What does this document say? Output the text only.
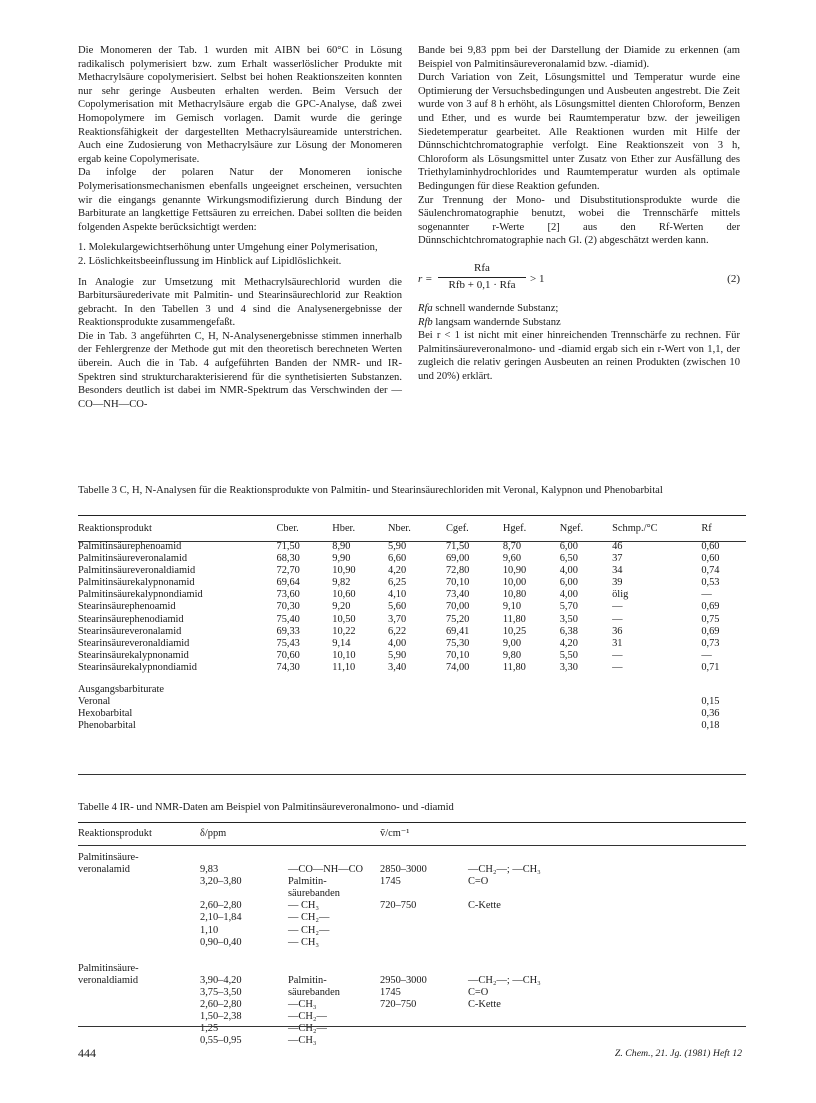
Die Monomeren der Tab. 1 wurden mit AIBN bei 60°C in Lösung radikalisch polymerisiert bzw. zum Erhalt wasserlöslicher Produkte mit Methacrylsäure copolymerisiert. Selbst bei hohen Reaktionszeiten konnten nur sehr geringe Ausbeuten erhalten werden. Beim Versuch der Copolymerisation mit Methacrylsäure ergab die GPC-Analyse, daß zwei Homopolymere im Gemisch vorlagen. Damit wurde die geringe Reaktionsfähigkeit der dargestellten Methacrylsäureamide unterstrichen. Auch eine Zudosierung von Methacrylsäure zur Lösung der Monomeren ergab keine Copolymerisate.

Da infolge der polaren Natur der Monomeren ionische Polymerisationsmechanismen ebenfalls ungeeignet erscheinen, versuchten wir die eingangs genannte Wirkungsmodifizierung durch Bindung der Barbiturate an langkettige Fettsäuren zu erreichen. Dabei sollten die beiden folgenden Aspekte berücksichtigt werden:

1. Molekulargewichtserhöhung unter Umgehung einer Polymerisation,

2. Löslichkeitsbeeinflussung im Hinblick auf Lipidlöslichkeit.

In Analogie zur Umsetzung mit Methacrylsäurechlorid wurden die Barbitursäurederivate mit Palmitin- und Stearinsäurechlorid zur Reaktion gebracht. In den Tabellen 3 und 4 sind die Analysenergebnisse der Reaktionsprodukte zusammengefaßt.

Die in Tab. 3 angeführten C, H, N-Analysenergebnisse stimmen innerhalb der Fehlergrenze der Methode gut mit den theoretisch berechneten Werten überein. Auch die in Tab. 4 aufgeführten Banden der NMR- und IR-Spektren sind strukturcharakterisierend für die synthetisierten Substanzen. Besonders deutlich ist dabei im NMR-Spektrum das Verschwinden der —CO—NH—CO-

Bande bei 9,83 ppm bei der Darstellung der Diamide zu erkennen (am Beispiel von Palmitinsäureveronalamid bzw. -diamid).

Durch Variation von Zeit, Lösungsmittel und Temperatur wurde eine Optimierung der Versuchsbedingungen und Ausbeuten angestrebt. Die Zeit wurde von 3 auf 8 h erhöht, als Lösungsmittel dienten Chloroform, Benzen und Ether, und es wurde bei Raumtemperatur bzw. der jeweiligen Siedetemperatur gearbeitet. Alle Reaktionen wurden mit Hilfe der Dünnschichtchromatographie verfolgt. Eine Reaktionszeit von 3 h, Chloroform als Lösungsmittel unter Zusatz von Ether zur Ausfällung des Triethylaminhydrochlorides und Raumtemperatur wurden als optimale Bedingungen für diese Reaktion gefunden.

Zur Trennung der Mono- und Disubstitutionsprodukte wurde die Säulenchromatographie benutzt, wobei die Trennschärfe mittels sogenannter r-Werte [2] aus den Rf-Werten der Dünnschichtchromatographie nach Gl. (2) abgeschätzt werden kann.

r =
Rfa
Rfb + 0,1 · Rfa	> 1	(2)

Rfa schnell wandernde Substanz;

Rfb langsam wandernde Substanz

Bei r < 1 ist nicht mit einer hinreichenden Trennschärfe zu rechnen. Für Palmitinsäureveronalmono- und -diamid ergab sich ein r-Wert von 1,1, der zugleich die relativ geringen Ausbeuten an reinen Produkten (zwischen 10 und 20%) erklärt.

Tabelle 3 C, H, N-Analysen für die Reaktionsprodukte von Palmitin- und Stearinsäurechloriden mit Veronal, Kalypnon und Phenobarbital
Reaktionsprodukt	Cber.	Hber.	Nber.	Cgef.	Hgef.	Ngef.	Schmp./°C	Rf
Palmitinsäurephenoamid	71,50	8,90	5,90	71,50	8,70	6,00	46	0,60
Palmitinsäureveronalamid	68,30	9,90	6,60	69,00	9,60	6,50	37	0,60
Palmitinsäureveronaldiamid	72,70	10,90	4,20	72,80	10,90	4,00	34	0,74
Palmitinsäurekalypnonamid	69,64	9,82	6,25	70,10	10,00	6,00	39	0,53
Palmitinsäurekalypnondiamid	73,60	10,60	4,10	73,40	10,80	4,00	ölig	—
Stearinsäurephenoamid	70,30	9,20	5,60	70,00	9,10	5,70	—	0,69
Stearinsäurephenodiamid	75,40	10,50	3,70	75,20	11,80	3,50	—	0,75
Stearinsäureveronalamid	69,33	10,22	6,22	69,41	10,25	6,38	36	0,69
Stearinsäureveronaldiamid	75,43	9,14	4,00	75,30	9,00	4,20	31	0,73
Stearinsäurekalypnonamid	70,60	10,10	5,90	70,10	9,80	5,50	—	—
Stearinsäurekalypnondiamid	74,30	11,10	3,40	74,00	11,80	3,30	—	0,71

Ausgangsbarbiturate								
Veronal								0,15
Hexobarbital								0,36
Phenobarbital								0,18
Tabelle 4 IR- und NMR-Daten am Beispiel von Palmitinsäureveronalmono- und -diamid
Reaktionsprodukt	δ/ppm		ṽ/cm⁻¹	
Palmitinsäure-				
veronalamid	9,83	—CO—NH—CO	2850–3000	—CH₂—; —CH₃
	3,20–3,80	Palmitin-	1745	C=O
		säurebanden		
	2,60–2,80	— CH₃	720–750	C-Kette
	2,10–1,84	— CH₂—		
	1,10	— CH₂—		
	0,90–0,40	— CH₃		

Palmitinsäure-				
veronaldiamid	3,90–4,20	Palmitin-	2950–3000	—CH₂—; —CH₃
	3,75–3,50	säurebanden	1745	C=O
	2,60–2,80	—CH₃	720–750	C-Kette
	1,50–2,38	—CH₂—		
	1,25	—CH₂—		
	0,55–0,95	—CH₃		
444	Z. Chem., 21. Jg. (1981) Heft 12
